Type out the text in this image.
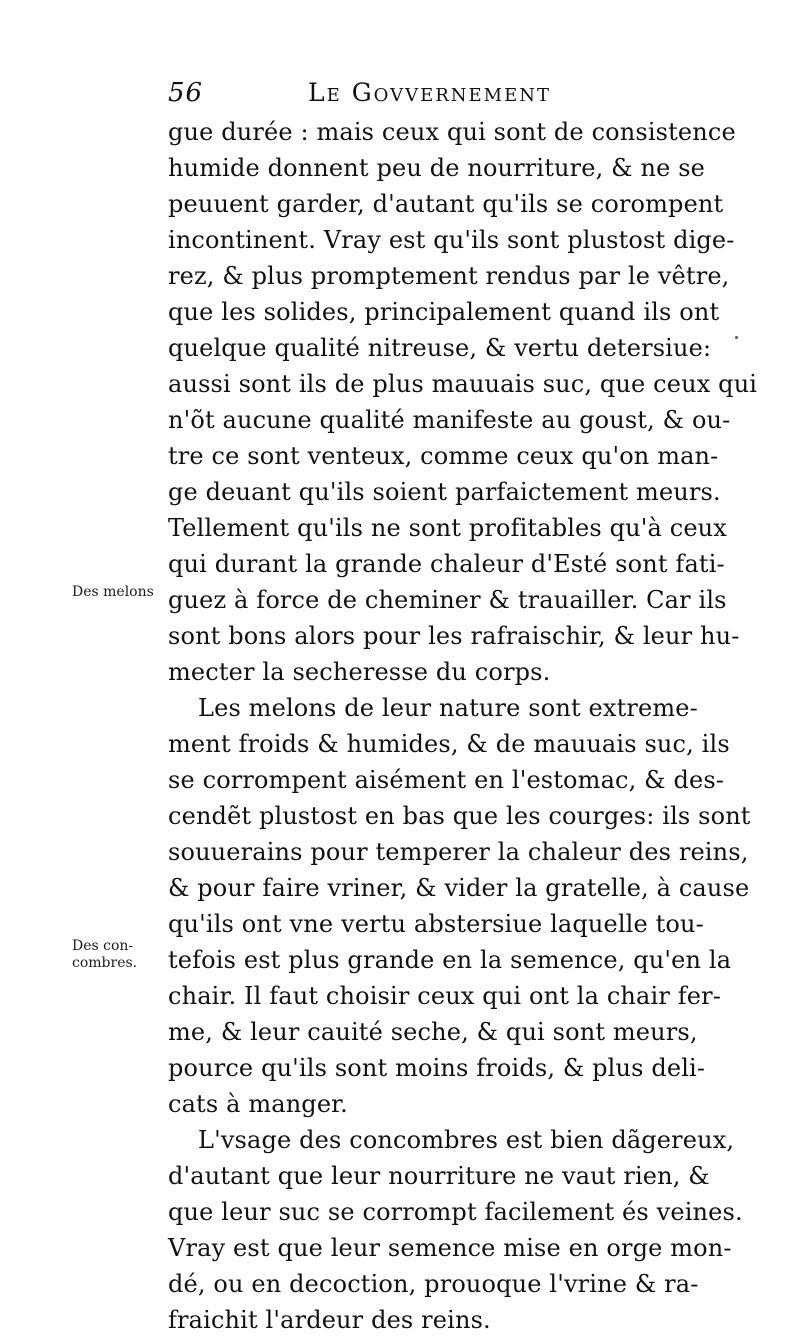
56	Le Govvernement
Des melons
Des con-
combres.
gue durée : mais ceux qui sont de consistence
humide donnent peu de nourriture, & ne se
peuuent garder, d'autant qu'ils se corompent
incontinent. Vray est qu'ils sont plustost dige-
rez, & plus promptement rendus par le vêtre,
que les solides, principalement quand ils ont
quelque qualité nitreuse, & vertu detersiue:
aussi sont ils de plus mauuais suc, que ceux qui
n'õt aucune qualité manifeste au goust, & ou-
tre ce sont venteux, comme ceux qu'on man-
ge deuant qu'ils soient parfaictement meurs.
Tellement qu'ils ne sont profitables qu'à ceux
qui durant la grande chaleur d'Esté sont fati-
guez à force de cheminer & trauailler. Car ils
sont bons alors pour les rafraischir, & leur hu-
mecter la secheresse du corps.
Les melons de leur nature sont extreme-
ment froids & humides, & de mauuais suc, ils
se corrompent aisément en l'estomac, & des-
cendẽt plustost en bas que les courges: ils sont
souuerains pour temperer la chaleur des reins,
& pour faire vriner, & vider la gratelle, à cause
qu'ils ont vne vertu abstersiue laquelle tou-
tefois est plus grande en la semence, qu'en la
chair. Il faut choisir ceux qui ont la chair fer-
me, & leur cauité seche, & qui sont meurs,
pource qu'ils sont moins froids, & plus deli-
cats à manger.
L'vsage des concombres est bien dãgereux,
d'autant que leur nourriture ne vaut rien, &
que leur suc se corrompt facilement és veines.
Vray est que leur semence mise en orge mon-
dé, ou en decoction, prouoque l'vrine & ra-
fraichit l'ardeur des reins.
